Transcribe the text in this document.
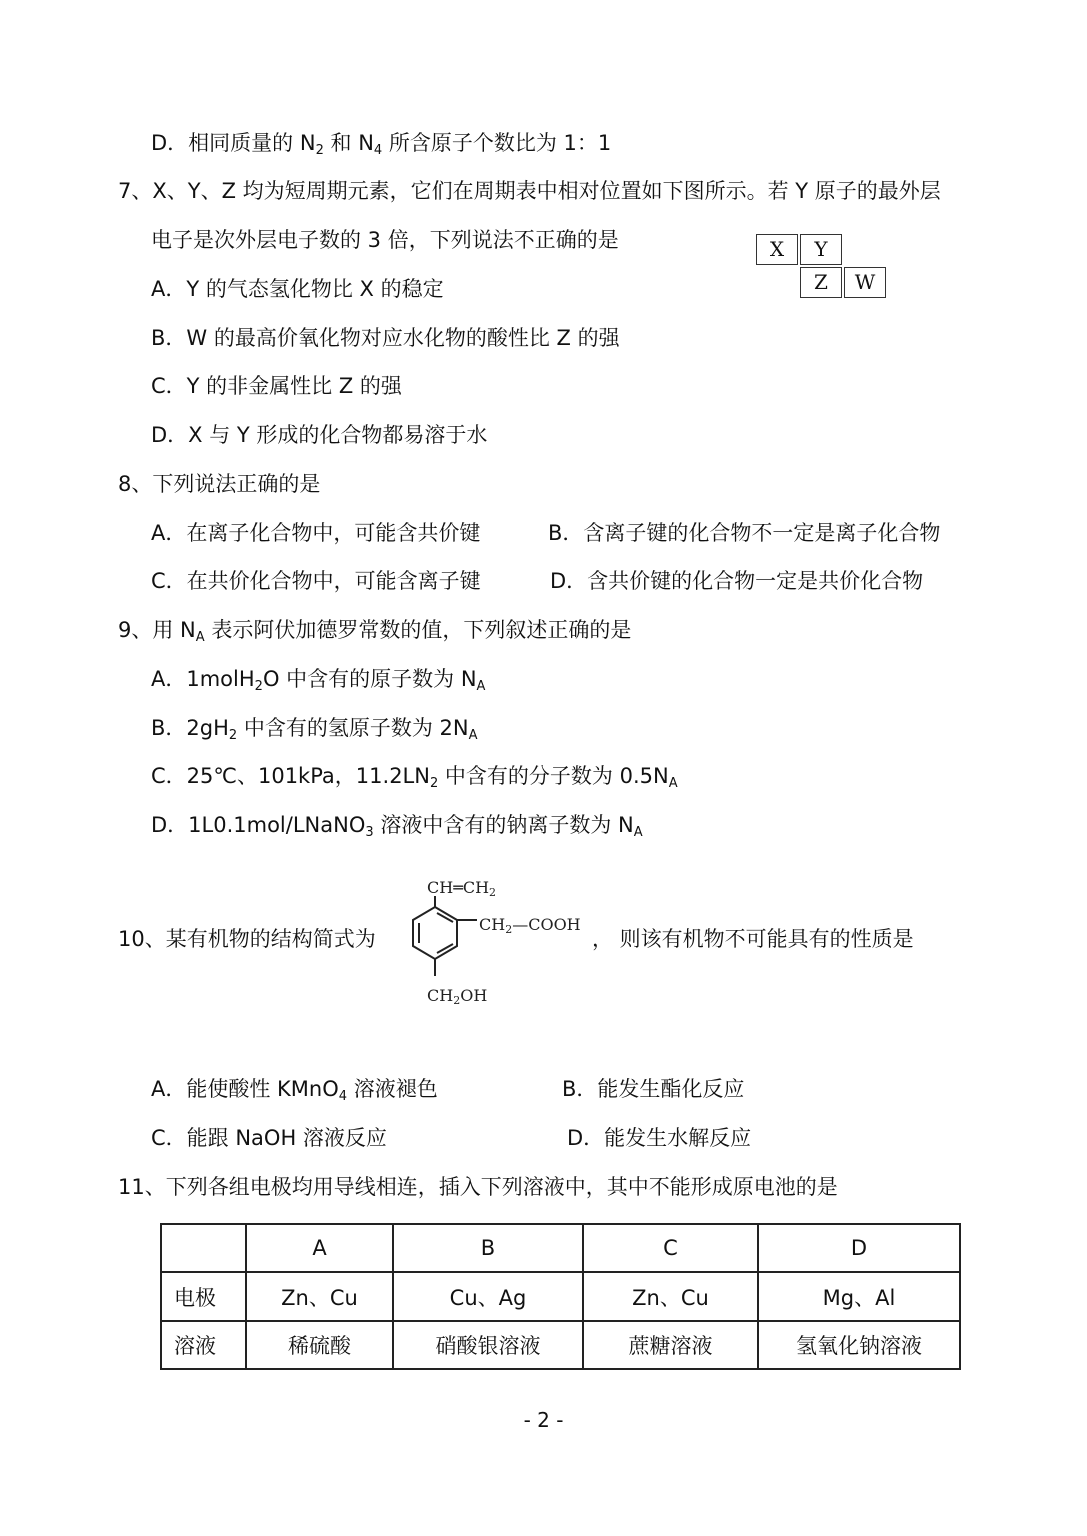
D．相同质量的 $N_2$ 和 $N_4$ 所含原子个数比为 1：1
7、X、Y、Z 均为短周期元素，它们在周期表中相对位置如下图所示。若 Y 原子的最外层
电子是次外层电子数的 3 倍，下列说法不正确的是	X	Y
Z	W
A．Y 的气态氢化物比 X 的稳定
B．W 的最高价氧化物对应水化物的酸性比 Z 的强
C．Y 的非金属性比 Z 的强
D．X 与 Y 形成的化合物都易溶于水
8、下列说法正确的是
A．在离子化合物中，可能含共价键	B．含离子键的化合物不一定是离子化合物
C．在共价化合物中，可能含离子键	D．含共价键的化合物一定是共价化合物
9、用 $N_A$ 表示阿伏加德罗常数的值，下列叙述正确的是
A．1molH$_2$O 中含有的原子数为 $N_A$
B．$2gH_2$ 中含有的氢原子数为 $2N_A$
C．25℃、101kPa，$11.2LN_2$ 中含有的分子数为 $0.5N_A$
D．1L0.1mol/LNaNO$_3$ 溶液中含有的钠离子数为 $N_A$
10、某有机物的结构简式为
CH═CH2
CH2—COOH
CH2OH
， 则该有机物不可能具有的性质是
A．能使酸性 KMnO$_4$ 溶液褪色	B．能发生酯化反应
C．能跟 NaOH 溶液反应	D．能发生水解反应
11、下列各组电极均用导线相连，插入下列溶液中，其中不能形成原电池的是
	A	B	C	D
电极	Zn、Cu	Cu、Ag	Zn、Cu	Mg、Al
溶液	稀硫酸	硝酸银溶液	蔗糖溶液	氢氧化钠溶液
- 2 -
